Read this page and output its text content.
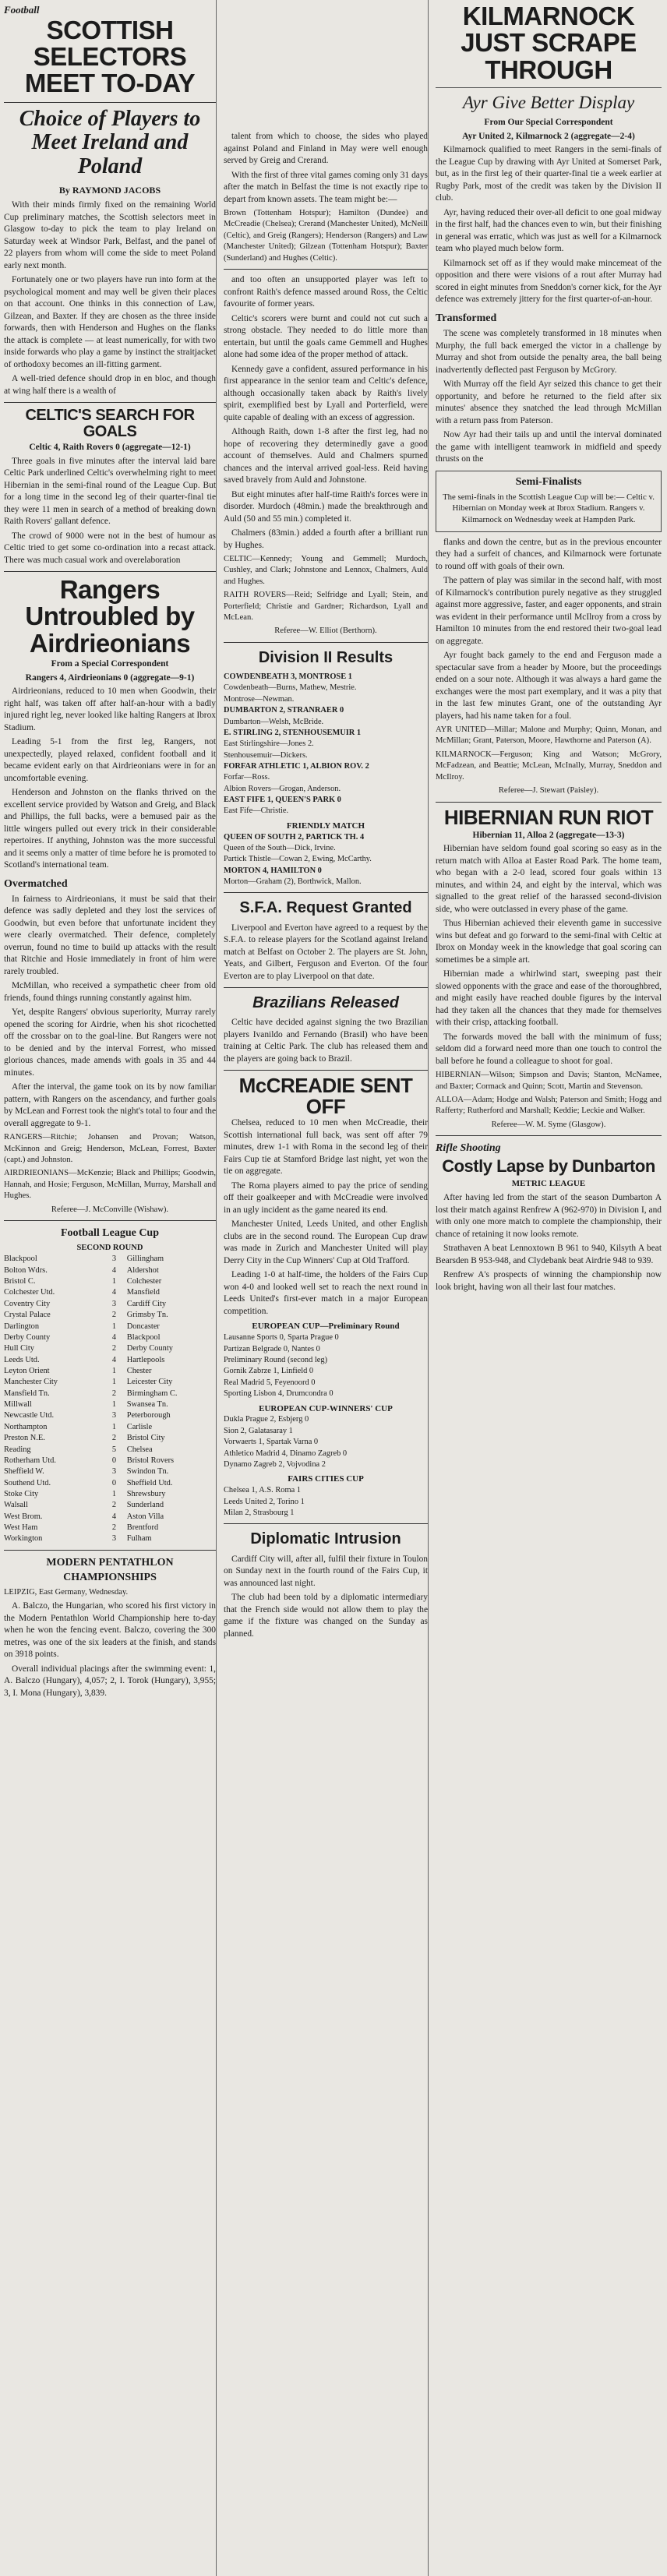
Football
SCOTTISH SELECTORS MEET TO-DAY
Choice of Players to Meet Ireland and Poland
By RAYMOND JACOBS

With their minds firmly fixed on the remaining World Cup preliminary matches, the Scottish selectors meet in Glasgow to-day to pick the team to play Ireland on Saturday week at Windsor Park, Belfast, and the panel of 22 players from whom will come the side to meet Poland early next month.

Fortunately one or two players have run into form at the psychological moment and may well be given their places on that account. One thinks in this connection of Law, Gilzean, and Baxter. If they are chosen as the three inside forwards, then with Henderson and Hughes on the flanks the attack is complete — at least numerically, for with two inside forwards who play a game by instinct the straitjacket of orthodoxy becomes an ill-fitting garment.

A well-tried defence should drop in en bloc, and though at wing half there is a wealth of

CELTIC'S SEARCH FOR GOALS
Celtic 4, Raith Rovers 0 (aggregate—12-1)

Three goals in five minutes after the interval laid bare Celtic Park underlined Celtic's overwhelming right to meet Hibernian in the semi-final round of the League Cup. But for a long time in the second leg of their quarter-final tie they were 11 men in search of a method of breaking down Raith Rovers' gallant defence.

The crowd of 9000 were not in the best of humour as Celtic tried to get some co-ordination into a recast attack. There was much casual work and overelaboration

Rangers Untroubled by Airdrieonians
From a Special Correspondent
Rangers 4, Airdrieonians 0 (aggregate—9-1)

Airdrieonians, reduced to 10 men when Goodwin, their right half, was taken off after half-an-hour with a badly injured right leg, never looked like halting Rangers at Ibrox Stadium.

Leading 5-1 from the first leg, Rangers, not unexpectedly, played relaxed, confident football and it became evident early on that Airdrieonians were in for an uncomfortable evening.

Henderson and Johnston on the flanks thrived on the excellent service provided by Watson and Greig, and Black and Phillips, the full backs, were a bemused pair as the little wingers pulled out every trick in their considerable repertoires. If anything, Johnston was the more successful and it seems only a matter of time before he is promoted to Scotland's international team.

Overmatched

In fairness to Airdrieonians, it must be said that their defence was sadly depleted and they lost the services of Goodwin, but even before that unfortunate incident they were clearly overmatched. Their defence, completely overrun, found no time to build up attacks with the result that Ritchie and Hosie immediately in front of him were rarely troubled.

McMillan, who received a sympathetic cheer from old friends, found things running constantly against him.

Yet, despite Rangers' obvious superiority, Murray rarely opened the scoring for Airdrie, when his shot ricochetted off the crossbar on to the goal-line. But Rangers were not to be denied and by the interval Forrest, who missed glorious chances, made amends with goals in 35 and 44 minutes.

After the interval, the game took on its by now familiar pattern, with Rangers on the ascendancy, and further goals by McLean and Forrest took the night's total to four and the overall aggregate to 9-1.

RANGERS—Ritchie; Johansen and Provan; Watson, McKinnon and Greig; Henderson, McLean, Forrest, Baxter (capt.) and Johnston.

AIRDRIEONIANS—McKenzie; Black and Phillips; Goodwin, Hannah, and Hosie; Ferguson, McMillan, Murray, Marshall and Hughes.

Referee—J. McConville (Wishaw).

Football League Cup
SECOND ROUND
Blackpool	3	Gillingham
Bolton Wdrs.	4	Aldershot
Bristol C.	1	Colchester
Colchester Utd.	4	Mansfield
Coventry City	3	Cardiff City
Crystal Palace	2	Grimsby Tn.
Darlington	1	Doncaster
Derby County	4	Blackpool
Hull City	2	Derby County
Leeds Utd.	4	Hartlepools
Leyton Orient	1	Chester
Manchester City	1	Leicester City
Mansfield Tn.	2	Birmingham C.
Millwall	1	Swansea Tn.
Newcastle Utd.	3	Peterborough
Northampton	1	Carlisle
Preston N.E.	2	Bristol City
Reading	5	Chelsea
Rotherham Utd.	0	Bristol Rovers
Sheffield W.	3	Swindon Tn.
Southend Utd.	0	Sheffield Utd.
Stoke City	1	Shrewsbury
Walsall	2	Sunderland
West Brom.	4	Aston Villa
West Ham	2	Brentford
Workington	3	Fulham
MODERN PENTATHLON CHAMPIONSHIPS

LEIPZIG, East Germany, Wednesday.

A. Balczo, the Hungarian, who scored his first victory in the Modern Pentathlon World Championship here to-day when he won the fencing event. Balczo, covering the 300 metres, was one of the six leaders at the finish, and stands on 3918 points.

Overall individual placings after the swimming event: 1, A. Balczo (Hungary), 4,057; 2, I. Torok (Hungary), 3,955; 3, I. Mona (Hungary), 3,839.

talent from which to choose, the sides who played against Poland and Finland in May were well enough served by Greig and Crerand.

With the first of three vital games coming only 31 days after the match in Belfast the time is not exactly ripe to depart from known assets. The team might be:—

Brown (Tottenham Hotspur); Hamilton (Dundee) and McCreadie (Chelsea); Crerand (Manchester United), McNeill (Celtic), and Greig (Rangers); Henderson (Rangers) and Law (Manchester United); Gilzean (Tottenham Hotspur); Baxter (Sunderland) and Hughes (Celtic).

and too often an unsupported player was left to confront Raith's defence massed around Ross, the Celtic favourite of former years.

Celtic's scorers were burnt and could not cut such a strong obstacle. They needed to do little more than entertain, but until the goals came Gemmell and Hughes alone had some idea of the proper method of attack.

Kennedy gave a confident, assured performance in his first appearance in the senior team and Celtic's defence, although occasionally taken aback by Raith's lively spirit, exemplified best by Lyall and Porterfield, were quite capable of dealing with an excess of aggression.

Although Raith, down 1-8 after the first leg, had no hope of recovering they determinedly gave a good account of themselves. Auld and Chalmers spurned chances and the interval arrived goal-less. Reid having saved bravely from Auld and Johnstone.

But eight minutes after half-time Raith's forces were in disorder. Murdoch (48min.) made the breakthrough and Auld (50 and 55 min.) completed it.

Chalmers (83min.) added a fourth after a brilliant run by Hughes.

CELTIC—Kennedy; Young and Gemmell; Murdoch, Cushley, and Clark; Johnstone and Lennox, Chalmers, Auld and Hughes.

RAITH ROVERS—Reid; Selfridge and Lyall; Stein, and Porterfield; Christie and Gardner; Richardson, Lyall and McLean.

Referee—W. Elliot (Berthorn).

Division II Results
COWDENBEATH 3, MONTROSE 1
Cowdenbeath—Burns, Mathew, Mestrie.
Montrose—Newman.
DUMBARTON 2, STRANRAER 0
Dumbarton—Welsh, McBride.
E. STIRLING 2, STENHOUSEMUIR 1
East Stirlingshire—Jones 2.
Stenhousemuir—Dickers.
FORFAR ATHLETIC 1, ALBION ROV. 2
Forfar—Ross.
Albion Rovers—Grogan, Anderson.
EAST FIFE 1, QUEEN'S PARK 0
East Fife—Christie.
FRIENDLY MATCH
QUEEN OF SOUTH 2, PARTICK TH. 4
Queen of the South—Dick, Irvine.
Partick Thistle—Cowan 2, Ewing, McCarthy.
MORTON 4, HAMILTON 0
Morton—Graham (2), Borthwick, Mallon.
S.F.A. Request Granted

Liverpool and Everton have agreed to a request by the S.F.A. to release players for the Scotland against Ireland match at Belfast on October 2. The players are St. John, Yeats, and Gilbert, Ferguson and Everton. Of the four Everton are to play Liverpool on that date.

Brazilians Released

Celtic have decided against signing the two Brazilian players Ivanildo and Fernando (Brasil) who have been training at Celtic Park. The club has released them and the players are going back to Brazil.

McCREADIE SENT OFF

Chelsea, reduced to 10 men when McCreadie, their Scottish international full back, was sent off after 79 minutes, drew 1-1 with Roma in the second leg of their Fairs Cup tie at Stamford Bridge last night, yet won the tie on aggregate.

The Roma players aimed to pay the price of sending off their goalkeeper and with McCreadie were involved in an ugly incident as the game neared its end.

Manchester United, Leeds United, and other English clubs are in the second round. The European Cup draw was made in Zurich and Manchester United will play Derry City in the Cup Winners' Cup at Old Trafford.

Leading 1-0 at half-time, the holders of the Fairs Cup won 4-0 and looked well set to reach the next round in Leeds United's first-ever match in a major European competition.

EUROPEAN CUP—Preliminary Round
Lausanne Sports 0, Sparta Prague 0
Partizan Belgrade 0, Nantes 0
Preliminary Round (second leg)
Gornik Zabrze 1, Linfield 0
Real Madrid 5, Feyenoord 0
Sporting Lisbon 4, Drumcondra 0
EUROPEAN CUP-WINNERS' CUP
Dukla Prague 2, Esbjerg 0
Sion 2, Galatasaray 1
Vorwaerts 1, Spartak Varna 0
Athletico Madrid 4, Dinamo Zagreb 0
Dynamo Zagreb 2, Vojvodina 2
FAIRS CITIES CUP
Chelsea 1, A.S. Roma 1
Leeds United 2, Torino 1
Milan 2, Strasbourg 1
Diplomatic Intrusion

Cardiff City will, after all, fulfil their fixture in Toulon on Sunday next in the fourth round of the Fairs Cup, it was announced last night.

The club had been told by a diplomatic intermediary that the French side would not allow them to play the game if the fixture was changed on the Sunday as planned.

KILMARNOCK JUST SCRAPE THROUGH
Ayr Give Better Display
From Our Special Correspondent
Ayr United 2, Kilmarnock 2 (aggregate—2-4)

Kilmarnock qualified to meet Rangers in the semi-finals of the League Cup by drawing with Ayr United at Somerset Park, but, as in the first leg of their quarter-final tie a week earlier at Rugby Park, most of the credit was taken by the Division II club.

Ayr, having reduced their over-all deficit to one goal midway in the first half, had the chances even to win, but their finishing in general was erratic, which was just as well for a Kilmarnock team who played much below form.

Kilmarnock set off as if they would make mincemeat of the opposition and there were visions of a rout after Murray had scored in eight minutes from Sneddon's corner kick, for the Ayr defence was extremely jittery for the first quarter-of-an-hour.

Transformed

The scene was completely transformed in 18 minutes when Murphy, the full back emerged the victor in a challenge by Murray and shot from outside the penalty area, the ball being inadvertently deflected past Ferguson by McGrory.

With Murray off the field Ayr seized this chance to get their opportunity, and before he returned to the field after six minutes' absence they snatched the lead through McMillan with a return pass from Paterson.

Now Ayr had their tails up and until the interval dominated the game with intelligent teamwork in midfield and speedy thrusts on the

Semi-Finalists

The semi-finals in the Scottish League Cup will be:— Celtic v. Hibernian on Monday week at Ibrox Stadium. Rangers v. Kilmarnock on Wednesday week at Hampden Park.

flanks and down the centre, but as in the previous encounter they had a surfeit of chances, and Kilmarnock were fortunate to round off with goals of their own.

The pattern of play was similar in the second half, with most of Kilmarnock's contribution purely negative as they struggled against more aggressive, faster, and eager opponents, and strain was evident in their performance until McIlroy from a cross by Hamilton 10 minutes from the end restored their two-goal lead on aggregate.

Ayr fought back gamely to the end and Ferguson made a spectacular save from a header by Moore, but the proceedings ended on a sour note. Although it was always a hard game the exchanges were the most part exemplary, and it was a pity that in the last few minutes Grant, one of the outstanding Ayr players, had his name taken for a foul.

AYR UNITED—Millar; Malone and Murphy; Quinn, Monan, and McMillan; Grant, Paterson, Moore, Hawthorne and Paterson (A).

KILMARNOCK—Ferguson; King and Watson; McGrory, McFadzean, and Beattie; McLean, McInally, Murray, Sneddon and McIlroy.

Referee—J. Stewart (Paisley).

HIBERNIAN RUN RIOT
Hibernian 11, Alloa 2 (aggregate—13-3)

Hibernian have seldom found goal scoring so easy as in the return match with Alloa at Easter Road Park. The home team, who began with a 2-0 lead, scored four goals within 13 minutes, and within 24, and eight by the interval, which was signalled to the great relief of the harassed second-division side, who were outclassed in every phase of the game.

Thus Hibernian achieved their eleventh game in successive wins but defeat and go forward to the semi-final with Celtic at Ibrox on Monday week in the knowledge that goal scoring can sometimes be a simple art.

Hibernian made a whirlwind start, sweeping past their slowed opponents with the grace and ease of the thoroughbred, and might easily have reached double figures by the interval had they taken all the chances that they made for themselves with their crisp, attacking football.

The forwards moved the ball with the minimum of fuss; seldom did a forward need more than one touch to control the ball before he found a colleague to shoot for goal.

HIBERNIAN—Wilson; Simpson and Davis; Stanton, McNamee, and Baxter; Cormack and Quinn; Scott, Martin and Stevenson.

ALLOA—Adam; Hodge and Walsh; Paterson and Smith; Hogg and Rafferty; Rutherford and Marshall; Keddie; Leckie and Walker.

Referee—W. M. Syme (Glasgow).

Rifle Shooting
Costly Lapse by Dunbarton
METRIC LEAGUE

After having led from the start of the season Dumbarton A lost their match against Renfrew A (962-970) in Division I, and with only one more match to complete the championship, their chance of retaining it now looks remote.

Strathaven A beat Lennoxtown B 961 to 940, Kilsyth A beat Bearsden B 953-948, and Clydebank beat Airdrie 948 to 939.

Renfrew A's prospects of winning the championship now look bright, having won all their last four matches.
